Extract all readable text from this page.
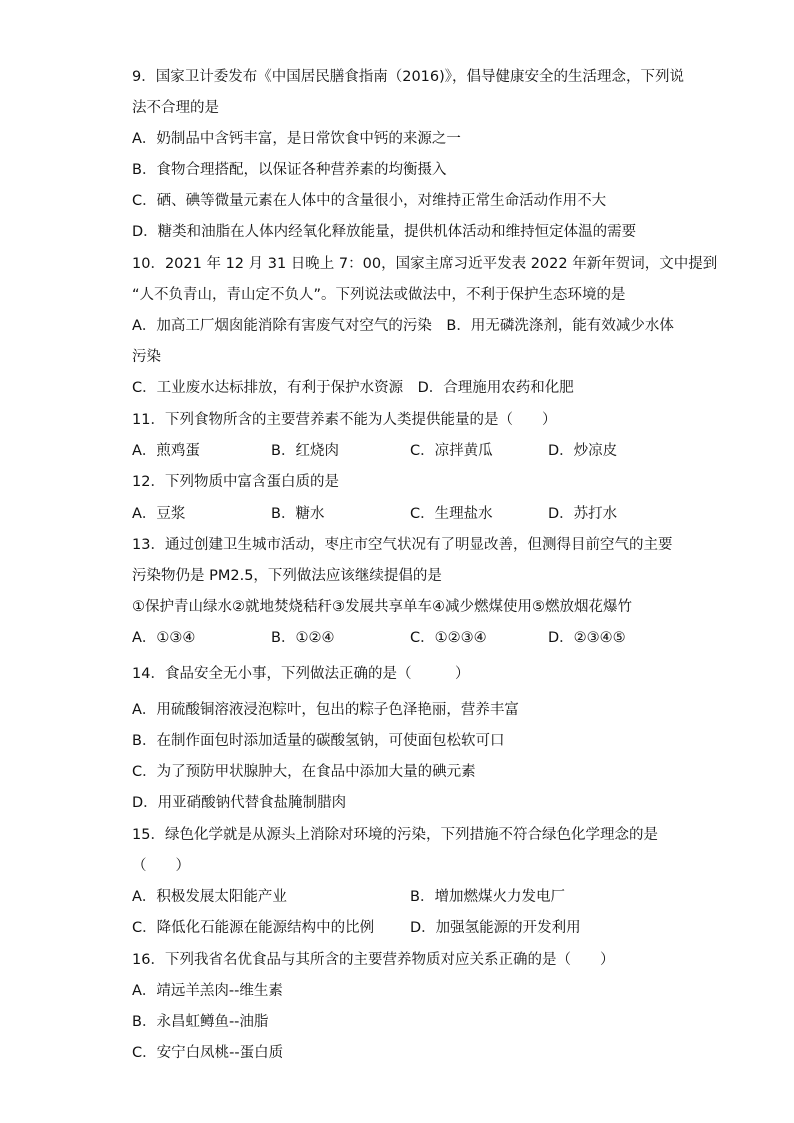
9．国家卫计委发布《中国居民膳食指南（2016)》，倡导健康安全的生活理念，下列说
法不合理的是
A．奶制品中含钙丰富，是日常饮食中钙的来源之一
B．食物合理搭配，以保证各种营养素的均衡摄入
C．硒、碘等微量元素在人体中的含量很小，对维持正常生命活动作用不大
D．糖类和油脂在人体内经氧化释放能量，提供机体活动和维持恒定体温的需要
10．2021 年 12 月 31 日晚上 7：00，国家主席习近平发表 2022 年新年贺词，文中提到
“人不负青山，青山定不负人”。下列说法或做法中，不利于保护生态环境的是
A．加高工厂烟囱能消除有害废气对空气的污染　B．用无磷洗涤剂，能有效减少水体
污染
C．工业废水达标排放，有利于保护水资源　D．合理施用农药和化肥
11．下列食物所含的主要营养素不能为人类提供能量的是（　　）
A．煎鸡蛋	B．红烧肉	C．凉拌黄瓜	D．炒凉皮
12．下列物质中富含蛋白质的是
A．豆浆	B．糖水	C．生理盐水	D．苏打水
13．通过创建卫生城市活动，枣庄市空气状况有了明显改善，但测得目前空气的主要
污染物仍是 PM2.5，下列做法应该继续提倡的是
①保护青山绿水②就地焚烧秸秆③发展共享单车④减少燃煤使用⑤燃放烟花爆竹
A．①③④	B．①②④	C．①②③④	D．②③④⑤
14．食品安全无小事，下列做法正确的是（　　　）
A．用硫酸铜溶液浸泡粽叶，包出的粽子色泽艳丽，营养丰富
B．在制作面包时添加适量的碳酸氢钠，可使面包松软可口
C．为了预防甲状腺肿大，在食品中添加大量的碘元素
D．用亚硝酸钠代替食盐腌制腊肉
15．绿色化学就是从源头上消除对环境的污染，下列措施不符合绿色化学理念的是
（　　）
A．积极发展太阳能产业	B．增加燃煤火力发电厂
C．降低化石能源在能源结构中的比例 D．加强氢能源的开发利用
16．下列我省名优食品与其所含的主要营养物质对应关系正确的是（　　）
A．靖远羊羔肉--维生素
B．永昌虹鳟鱼--油脂
C．安宁白凤桃--蛋白质
